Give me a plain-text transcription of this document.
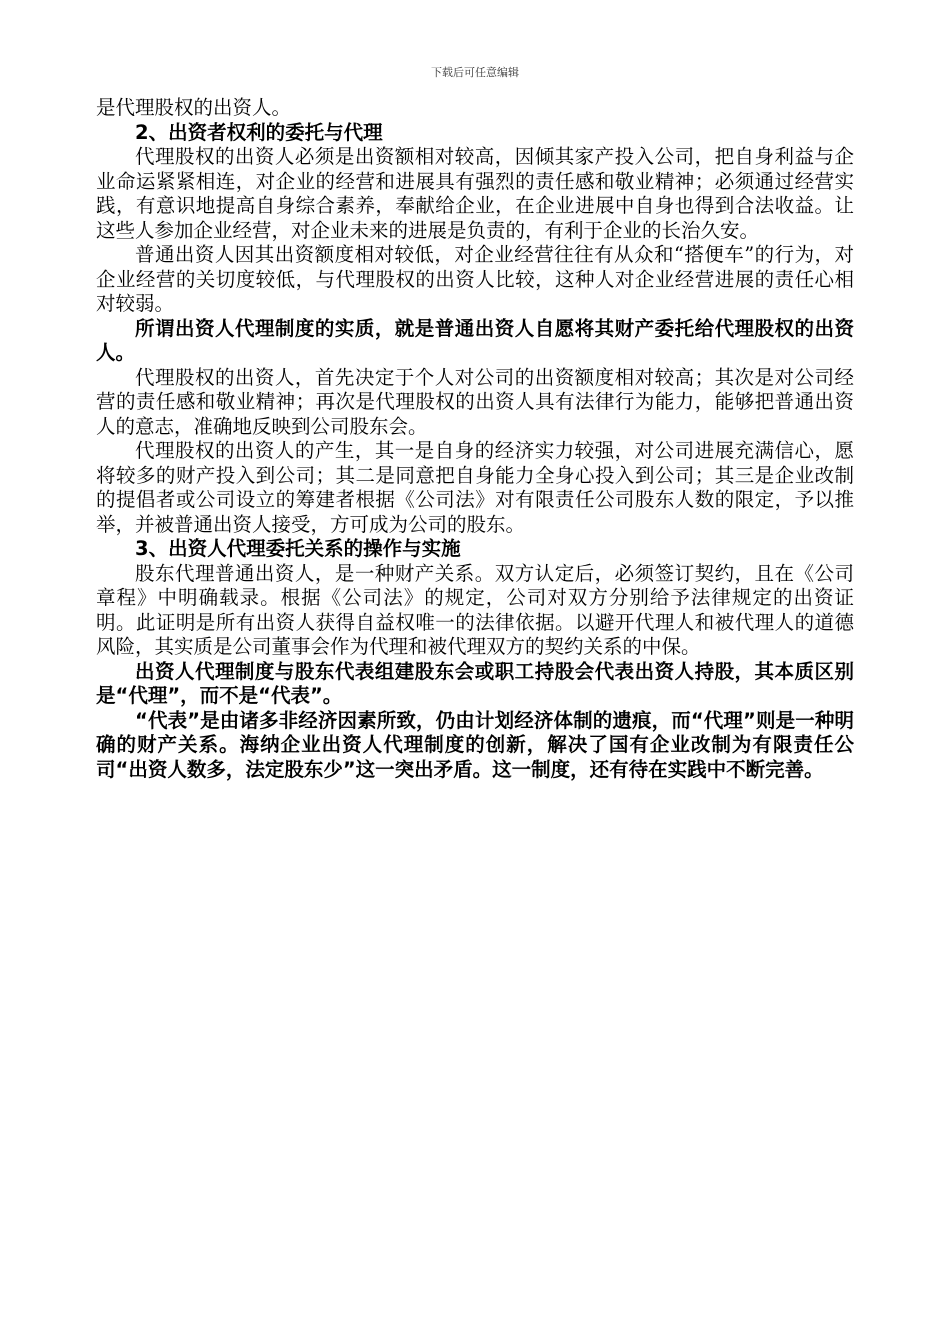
下载后可任意编辑

是代理股权的出资人。

2、出资者权利的委托与代理

代理股权的出资人必须是出资额相对较高，因倾其家产投入公司，把自身利益与企业命运紧紧相连，对企业的经营和进展具有强烈的责任感和敬业精神；必须通过经营实践，有意识地提高自身综合素养，奉献给企业，在企业进展中自身也得到合法收益。让这些人参加企业经营，对企业未来的进展是负责的，有利于企业的长治久安。

普通出资人因其出资额度相对较低，对企业经营往往有从众和“搭便车”的行为，对企业经营的关切度较低，与代理股权的出资人比较，这种人对企业经营进展的责任心相对较弱。

所谓出资人代理制度的实质，就是普通出资人自愿将其财产委托给代理股权的出资人。

代理股权的出资人，首先决定于个人对公司的出资额度相对较高；其次是对公司经营的责任感和敬业精神；再次是代理股权的出资人具有法律行为能力，能够把普通出资人的意志，准确地反映到公司股东会。

代理股权的出资人的产生，其一是自身的经济实力较强，对公司进展充满信心，愿将较多的财产投入到公司；其二是同意把自身能力全身心投入到公司；其三是企业改制的提倡者或公司设立的筹建者根据《公司法》对有限责任公司股东人数的限定，予以推举，并被普通出资人接受，方可成为公司的股东。

3、出资人代理委托关系的操作与实施

股东代理普通出资人，是一种财产关系。双方认定后，必须签订契约，且在《公司章程》中明确载录。根据《公司法》的规定，公司对双方分别给予法律规定的出资证明。此证明是所有出资人获得自益权唯一的法律依据。以避开代理人和被代理人的道德风险，其实质是公司董事会作为代理和被代理双方的契约关系的中保。

出资人代理制度与股东代表组建股东会或职工持股会代表出资人持股，其本质区别是“代理”，而不是“代表”。

“代表”是由诸多非经济因素所致，仍由计划经济体制的遗痕，而“代理”则是一种明确的财产关系。海纳企业出资人代理制度的创新，解决了国有企业改制为有限责任公司“出资人数多，法定股东少”这一突出矛盾。这一制度，还有待在实践中不断完善。
